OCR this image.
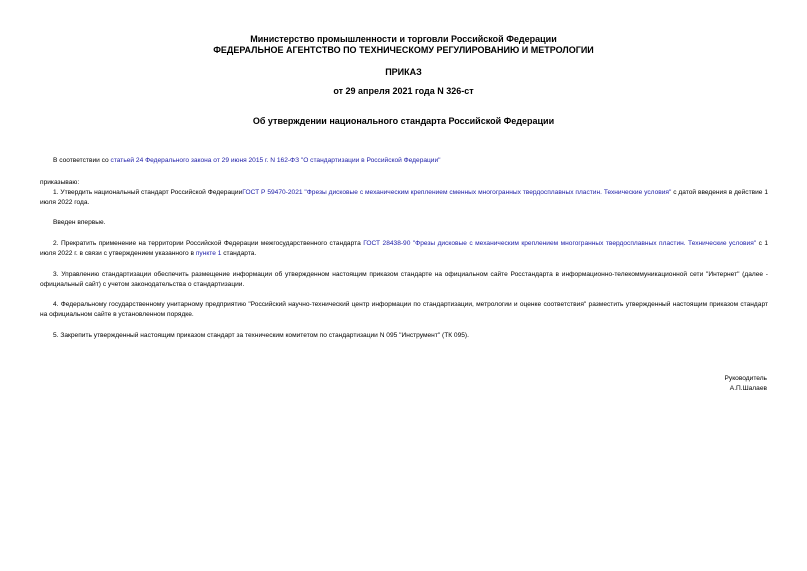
Министерство промышленности и торговли Российской Федерации
ФЕДЕРАЛЬНОЕ АГЕНТСТВО ПО ТЕХНИЧЕСКОМУ РЕГУЛИРОВАНИЮ И МЕТРОЛОГИИ
ПРИКАЗ
от 29 апреля 2021 года N 326-ст
Об утверждении национального стандарта Российской Федерации

В соответствии со статьей 24 Федерального закона от 29 июня 2015 г. N 162-ФЗ "О стандартизации в Российской Федерации"

приказываю:

1. Утвердить национальный стандарт Российской ФедерацииГОСТ Р 59470-2021 "Фрезы дисковые с механическим креплением сменных многогранных твердосплавных пластин. Технические условия" с датой введения в действие 1 июля 2022 года.

Введен впервые.

2. Прекратить применение на территории Российской Федерации межгосударственного стандарта ГОСТ 28438-90 "Фрезы дисковые с механическим креплением многогранных твердосплавных пластин. Технические условия" с 1 июля 2022 г. в связи с утверждением указанного в пункте 1 стандарта.

3. Управлению стандартизации обеспечить размещение информации об утвержденном настоящим приказом стандарте на официальном сайте Росстандарта в информационно-телекоммуникационной сети "Интернет" (далее - официальный сайт) с учетом законодательства о стандартизации.

4. Федеральному государственному унитарному предприятию "Российский научно-технический центр информации по стандартизации, метрологии и оценке соответствия" разместить утвержденный настоящим приказом стандарт на официальном сайте в установленном порядке.

5. Закрепить утвержденный настоящим приказом стандарт за техническим комитетом по стандартизации N 095 "Инструмент" (ТК 095).

Руководитель
А.П.Шалаев
